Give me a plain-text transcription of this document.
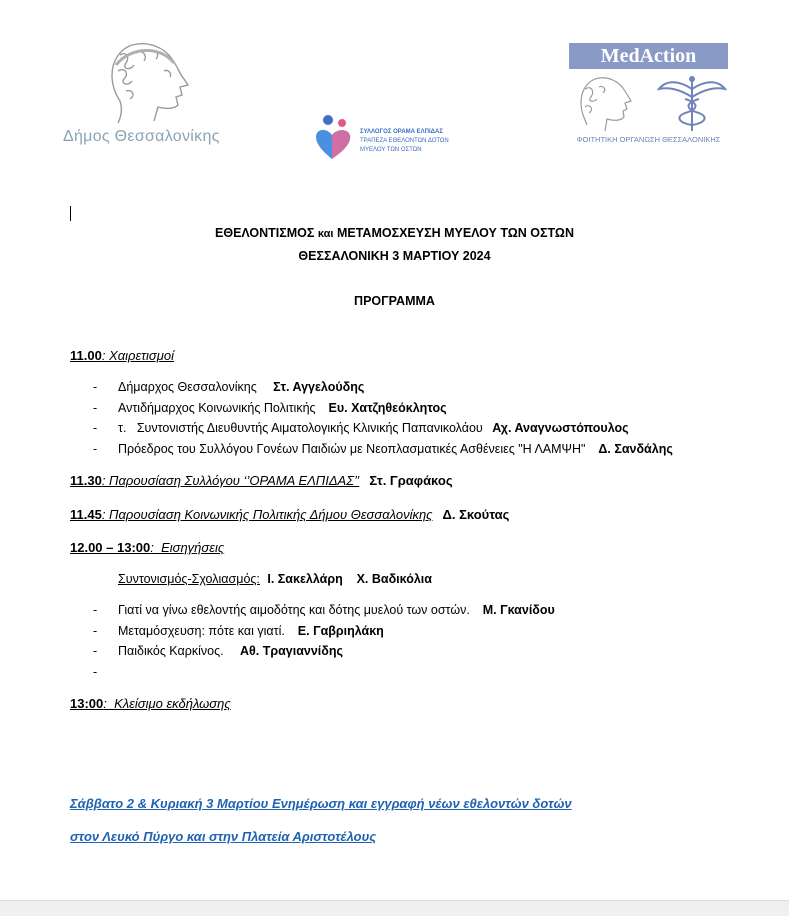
Δήμος Θεσσαλονίκης	ΣΥΛΛΟΓΟΣ ΟΡΑΜΑ ΕΛΠΙΔΑΣ
ΤΡΑΠΕΖΑ ΕΘΕΛΟΝΤΩΝ ΔΟΤΩΝ
ΜΥΕΛΟΥ ΤΩΝ ΟΣΤΩΝ
MedAction
ΦΟΙΤΗΤΙΚΗ ΟΡΓΑΝΩΣΗ ΘΕΣΣΑΛΟΝΙΚΗΣ
ΕΘΕΛΟΝΤΙΣΜΟΣ και ΜΕΤΑΜΟΣΧΕΥΣΗ ΜΥΕΛΟΥ ΤΩΝ ΟΣΤΩΝ
ΘΕΣΣΑΛΟΝΙΚΗ 3 ΜΑΡΤΙΟΥ 2024
ΠΡΟΓΡΑΜΜΑ
11.00: Χαιρετισμοί
- Δήμαρχος Θεσσαλονίκης   Στ. Αγγελούδης
- Αντιδήμαρχος Κοινωνικής Πολιτικής  Ευ. Χατζηθεόκλητος
- τ.   Συντονιστής Διευθυντής Αιματολογικής Κλινικής Παπανικολάου Αχ. Αναγνωστόπουλος
- Πρόεδρος του Συλλόγου Γονέων Παιδιών με Νεοπλασματικές Ασθένειες "Η ΛΑΜΨΗ"  Δ. Σανδάλης
11.30: Παρουσίαση Συλλόγου ‘’ΟΡΑΜΑ ΕΛΠΙΔΑΣ’’ Στ. Γραφάκος
11.45: Παρουσίαση Κοινωνικής Πολιτικής Δήμου Θεσσαλονίκης Δ. Σκούτας
12.00 – 13:00:  Εισηγήσεις
Συντονισμός-Σχολιασμός: Ι. Σακελλάρη    Χ. Βαδικόλια
- Γιατί να γίνω εθελοντής αιμοδότης και δότης μυελού των οστών.  Μ. Γκανίδου
- Μεταμόσχευση: πότε και γιατί.  Ε. Γαβριηλάκη
- Παιδικός Καρκίνος.   Αθ. Τραγιαννίδης
-
13:00:  Κλείσιμο εκδήλωσης
Σάββατο 2 & Κυριακή 3 Μαρτίου Ενημέρωση και εγγραφή νέων εθελοντών δοτών
στον Λευκό Πύργο και στην Πλατεία Αριστοτέλους
